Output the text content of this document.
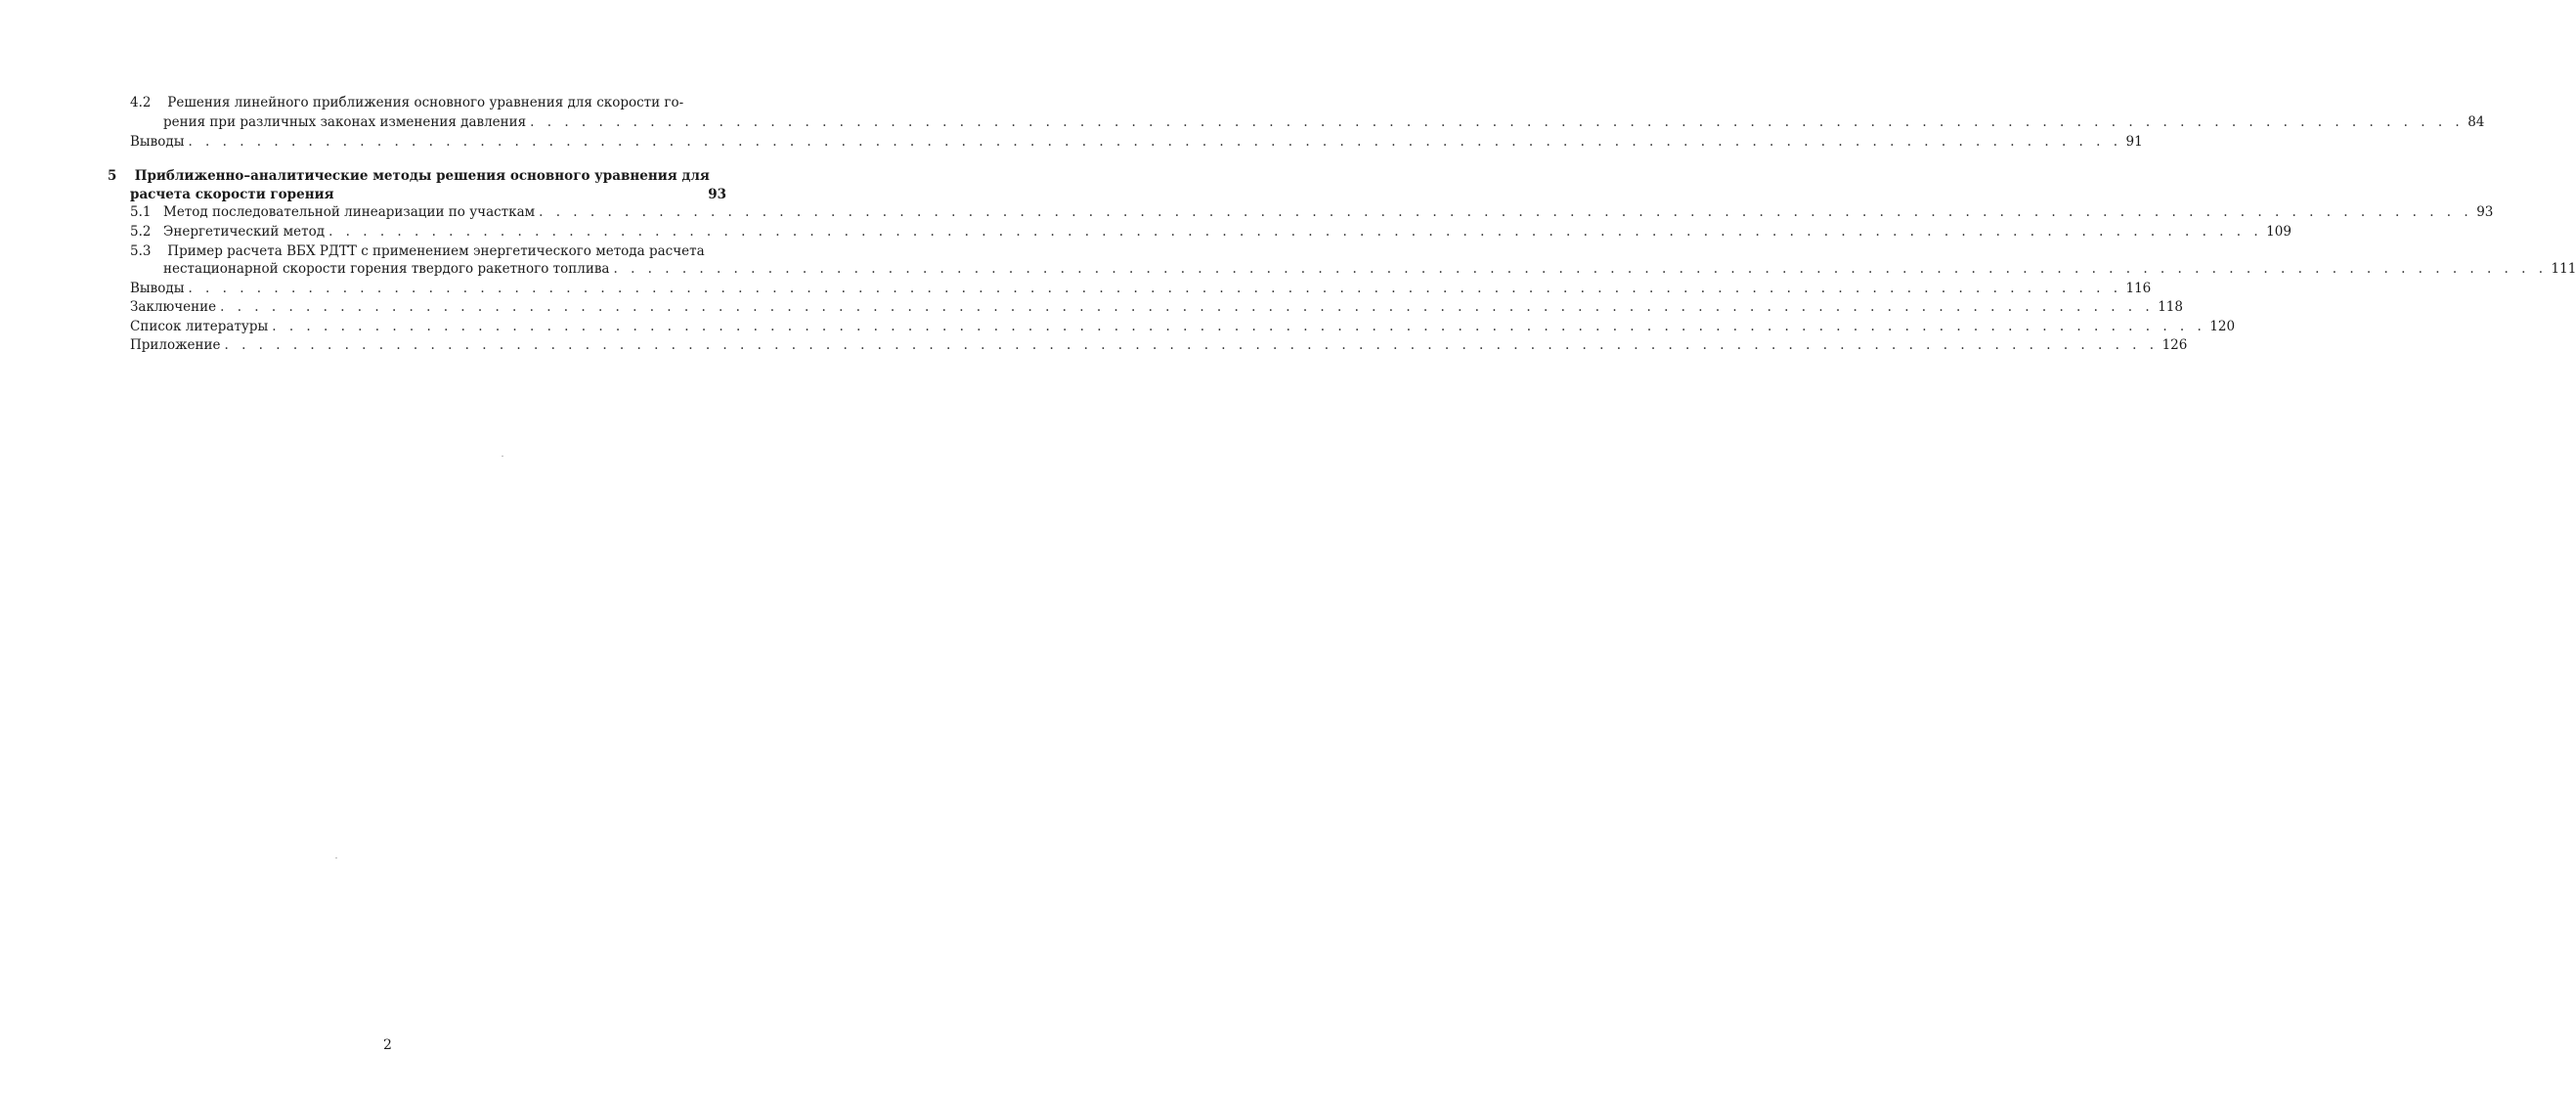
4.2 Решения линейного приближения основного уравнения для скорости го-
рения при различных законах изменения давления . . . . . . . . . . . . . . . . . . . . . . . . . . . . . . . . . . . . . . . . . . . . . . . . . . . . . . . . . . . . . . . . . . . . . . . . . . . . . . . . . . . . . . . . . . . . . . . . . . . . . . . . . . . . . . . . . 84
Выводы . . . . . . . . . . . . . . . . . . . . . . . . . . . . . . . . . . . . . . . . . . . . . . . . . . . . . . . . . . . . . . . . . . . . . . . . . . . . . . . . . . . . . . . . . . . . . . . . . . . . . . . . . . . . . . . . . 91
5 Приближенно–аналитические методы решения основного уравнения для
расчета скорости горения	93
5.1 Метод последовательной линеаризации по участкам . . . . . . . . . . . . . . . . . . . . . . . . . . . . . . . . . . . . . . . . . . . . . . . . . . . . . . . . . . . . . . . . . . . . . . . . . . . . . . . . . . . . . . . . . . . . . . . . . . . . . . . . . . . . . . . . . 93
5.2 Энергетический метод . . . . . . . . . . . . . . . . . . . . . . . . . . . . . . . . . . . . . . . . . . . . . . . . . . . . . . . . . . . . . . . . . . . . . . . . . . . . . . . . . . . . . . . . . . . . . . . . . . . . . . . . . . . . . . . . . 109
5.3 Пример расчета ВБХ РДТТ с применением энергетического метода расчета
нестационарной скорости горения твердого ракетного топлива . . . . . . . . . . . . . . . . . . . . . . . . . . . . . . . . . . . . . . . . . . . . . . . . . . . . . . . . . . . . . . . . . . . . . . . . . . . . . . . . . . . . . . . . . . . . . . . . . . . . . . . . . . . . . . . . . 111
Выводы . . . . . . . . . . . . . . . . . . . . . . . . . . . . . . . . . . . . . . . . . . . . . . . . . . . . . . . . . . . . . . . . . . . . . . . . . . . . . . . . . . . . . . . . . . . . . . . . . . . . . . . . . . . . . . . . . 116
Заключение . . . . . . . . . . . . . . . . . . . . . . . . . . . . . . . . . . . . . . . . . . . . . . . . . . . . . . . . . . . . . . . . . . . . . . . . . . . . . . . . . . . . . . . . . . . . . . . . . . . . . . . . . . . . . . . . . 118
Список литературы . . . . . . . . . . . . . . . . . . . . . . . . . . . . . . . . . . . . . . . . . . . . . . . . . . . . . . . . . . . . . . . . . . . . . . . . . . . . . . . . . . . . . . . . . . . . . . . . . . . . . . . . . . . . . . . . . 120
Приложение . . . . . . . . . . . . . . . . . . . . . . . . . . . . . . . . . . . . . . . . . . . . . . . . . . . . . . . . . . . . . . . . . . . . . . . . . . . . . . . . . . . . . . . . . . . . . . . . . . . . . . . . . . . . . . . . . 126
2
